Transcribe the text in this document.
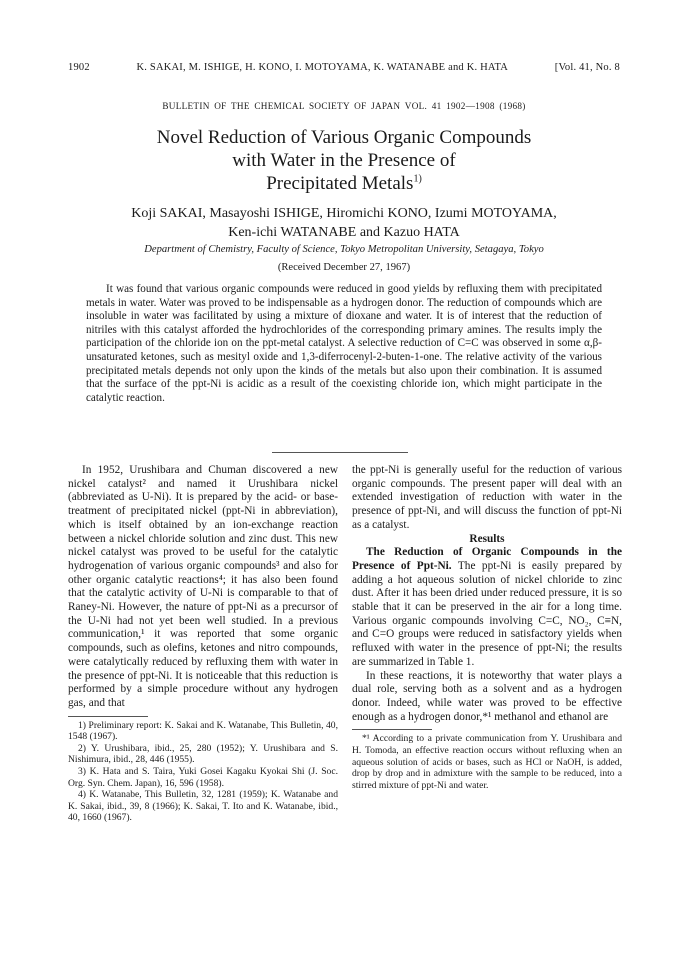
1902	K. SAKAI, M. ISHIGE, H. KONO, I. MOTOYAMA, K. WATANABE and K. HATA	[Vol. 41, No. 8
BULLETIN OF THE CHEMICAL SOCIETY OF JAPAN VOL. 41 1902—1908 (1968)
Novel Reduction of Various Organic Compounds
with Water in the Presence of
Precipitated Metals$^{1)}$
Koji SAKAI, Masayoshi ISHIGE, Hiromichi KONO, Izumi MOTOYAMA,
Ken-ichi WATANABE and Kazuo HATA
Department of Chemistry, Faculty of Science, Tokyo Metropolitan University, Setagaya, Tokyo
(Received December 27, 1967)
It was found that various organic compounds were reduced in good yields by refluxing them with precipitated metals in water. Water was proved to be indispensable as a hydrogen donor. The reduction of compounds which are insoluble in water was facilitated by using a mixture of dioxane and water. It is of interest that the reduction of nitriles with this catalyst afforded the hydrochlorides of the corresponding primary amines. The results imply the participation of the chloride ion on the ppt-metal catalyst. A selective reduction of C=C was observed in some α,β-unsaturated ketones, such as mesityl oxide and 1,3-diferrocenyl-2-buten-1-one. The relative activity of the various precipitated metals depends not only upon the kinds of the metals but also upon their combination. It is assumed that the surface of the ppt-Ni is acidic as a result of the coexisting chloride ion, which might participate in the catalytic reaction.

In 1952, Urushibara and Chuman discovered a new nickel catalyst² and named it Urushibara nickel (abbreviated as U-Ni). It is prepared by the acid- or base-treatment of precipitated nickel (ppt-Ni in abbreviation), which is itself obtained by an ion-exchange reaction between a nickel chloride solution and zinc dust. This new nickel catalyst was proved to be useful for the catalytic hydrogenation of various organic compounds³ and also for other organic catalytic reactions⁴; it has also been found that the catalytic activity of U-Ni is comparable to that of Raney-Ni. However, the nature of ppt-Ni as a precursor of the U-Ni had not yet been well studied. In a previous communication,¹ it was reported that some organic compounds, such as olefins, ketones and nitro compounds, were catalytically reduced by refluxing them with water in the presence of ppt-Ni. It is noticeable that this reduction is performed by a simple procedure without any hydrogen gas, and that

1) Preliminary report: K. Sakai and K. Watanabe, This Bulletin, 40, 1548 (1967).
2) Y. Urushibara, ibid., 25, 280 (1952); Y. Urushibara and S. Nishimura, ibid., 28, 446 (1955).
3) K. Hata and S. Taira, Yuki Gosei Kagaku Kyokai Shi (J. Soc. Org. Syn. Chem. Japan), 16, 596 (1958).
4) K. Watanabe, This Bulletin, 32, 1281 (1959); K. Watanabe and K. Sakai, ibid., 39, 8 (1966); K. Sakai, T. Ito and K. Watanabe, ibid., 40, 1660 (1967).

the ppt-Ni is generally useful for the reduction of various organic compounds. The present paper will deal with an extended investigation of reduction with water in the presence of ppt-Ni, and will discuss the function of ppt-Ni as a catalyst.

Results

The Reduction of Organic Compounds in the Presence of Ppt-Ni. The ppt-Ni is easily prepared by adding a hot aqueous solution of nickel chloride to zinc dust. After it has been dried under reduced pressure, it is so stable that it can be preserved in the air for a long time. Various organic compounds involving C=C, NO₂, C≡N, and C=O groups were reduced in satisfactory yields when refluxed with water in the presence of ppt-Ni; the results are summarized in Table 1.

In these reactions, it is noteworthy that water plays a dual role, serving both as a solvent and as a hydrogen donor. Indeed, while water was proved to be effective enough as a hydrogen donor,*¹ methanol and ethanol are

*¹ According to a private communication from Y. Urushibara and H. Tomoda, an effective reaction occurs without refluxing when an aqueous solution of acids or bases, such as HCl or NaOH, is added, drop by drop and in admixture with the sample to be reduced, into a stirred mixture of ppt-Ni and water.
